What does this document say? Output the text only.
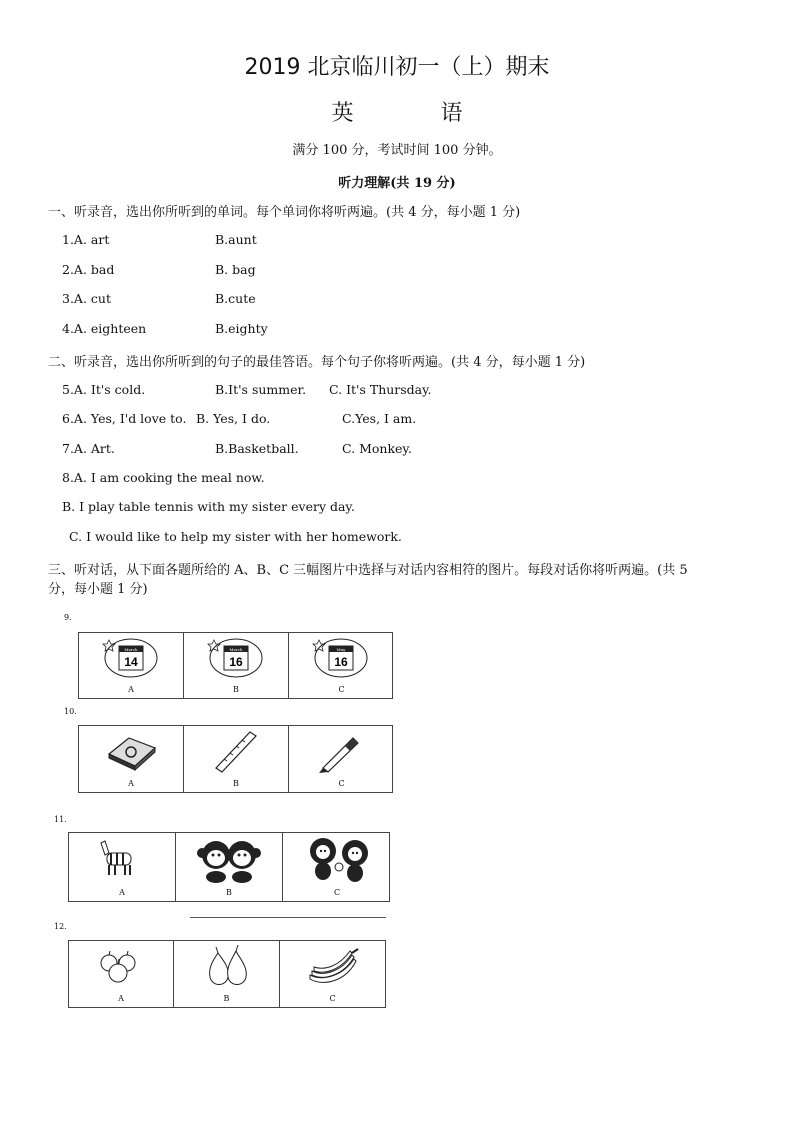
2019 北京临川初一（上）期末
英 语
满分 100 分，考试时间 100 分钟。
听力理解(共 19 分)
一、听录音，选出你所听到的单词。每个单词你将听两遍。(共 4 分，每小题 1 分)
1.A. art	B.aunt
2.A. bad	B. bag
3.A. cut	B.cute
4.A. eighteen	B.eighty
二、听录音，选出你所听到的句子的最佳答语。每个句子你将听两遍。(共 4 分，每小题 1 分)
5.A. It's cold.	B.It's summer. C. It's Thursday.
6.A. Yes, I'd love to. B. Yes, I do.	C.Yes, I am.
7.A. Art.	B.Basketball.	C. Monkey.
8.A. I am cooking the meal now.
B. I play table tennis with my sister every day.
C. I would like to help my sister with her homework.
三、听对话，从下面各题所给的 A、B、C 三幅图片中选择与对话内容相符的图片。每段对话你将听两遍。(共 5
分，每小题 1 分)
9.
March
14
A
March
16
B
May
16
C
10.
A	B	C
11.
A	B	C
12.
A	B	C
